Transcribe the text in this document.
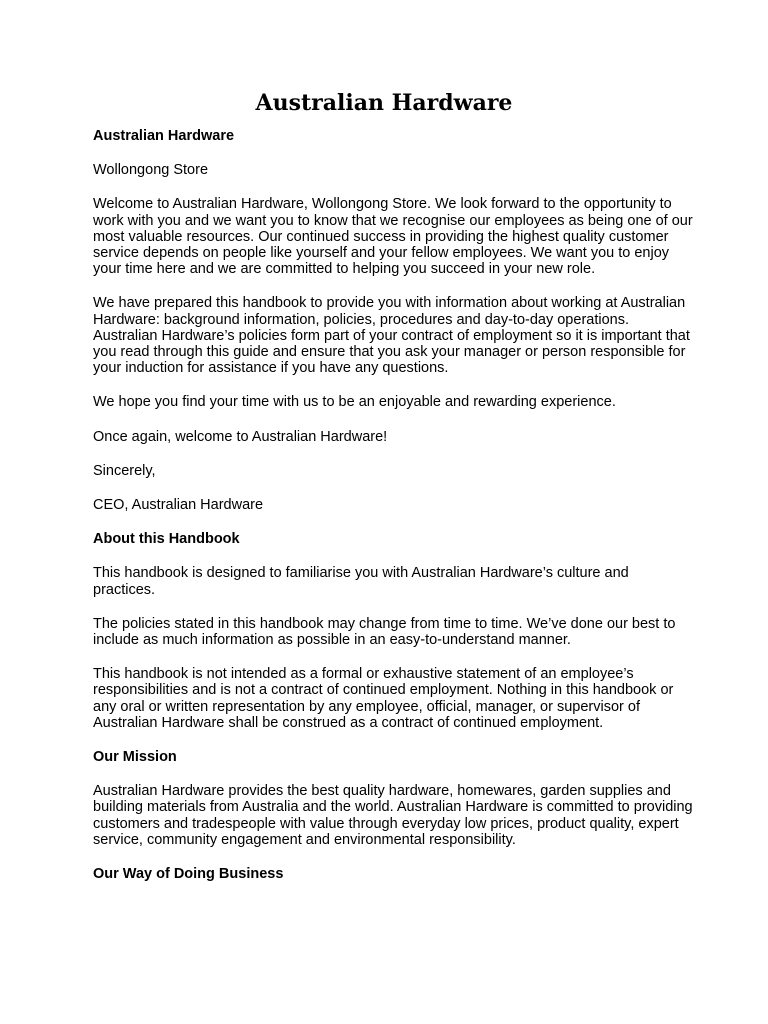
Australian Hardware
Australian Hardware

Wollongong Store

Welcome to Australian Hardware, Wollongong Store. We look forward to the opportunity to work with you and we want you to know that we recognise our employees as being one of our most valuable resources. Our continued success in providing the highest quality customer service depends on people like yourself and your fellow employees. We want you to enjoy your time here and we are committed to helping you succeed in your new role.

We have prepared this handbook to provide you with information about working at Australian Hardware: background information, policies, procedures and day-to-day operations. Australian Hardware’s policies form part of your contract of employment so it is important that you read through this guide and ensure that you ask your manager or person responsible for your induction for assistance if you have any questions.

We hope you find your time with us to be an enjoyable and rewarding experience.

Once again, welcome to Australian Hardware!

Sincerely,

CEO, Australian Hardware

About this Handbook

This handbook is designed to familiarise you with Australian Hardware’s culture and practices.

The policies stated in this handbook may change from time to time. We’ve done our best to include as much information as possible in an easy-to-understand manner.

This handbook is not intended as a formal or exhaustive statement of an employee’s responsibilities and is not a contract of continued employment. Nothing in this handbook or any oral or written representation by any employee, official, manager, or supervisor of Australian Hardware shall be construed as a contract of continued employment.

Our Mission

Australian Hardware provides the best quality hardware, homewares, garden supplies and building materials from Australia and the world. Australian Hardware is committed to providing customers and tradespeople with value through everyday low prices, product quality, expert service, community engagement and environmental responsibility.

Our Way of Doing Business
